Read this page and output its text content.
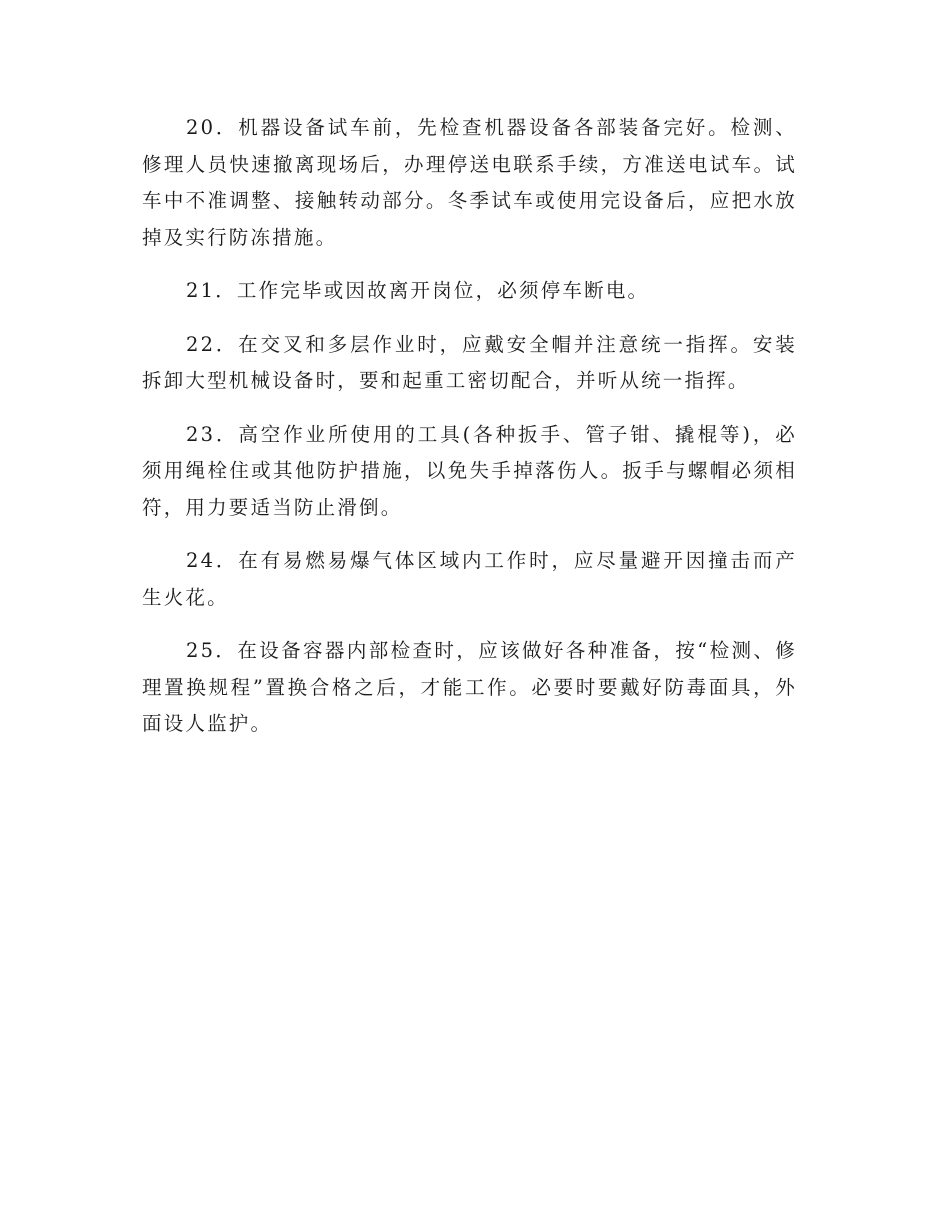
20．机器设备试车前，先检查机器设备各部装备完好。检测、修理人员快速撤离现场后，办理停送电联系手续，方准送电试车。试车中不准调整、接触转动部分。冬季试车或使用完设备后，应把水放掉及实行防冻措施。

21．工作完毕或因故离开岗位，必须停车断电。

22．在交叉和多层作业时，应戴安全帽并注意统一指挥。安装拆卸大型机械设备时，要和起重工密切配合，并听从统一指挥。

23．高空作业所使用的工具(各种扳手、管子钳、撬棍等)，必须用绳栓住或其他防护措施，以免失手掉落伤人。扳手与螺帽必须相符，用力要适当防止滑倒。

24．在有易燃易爆气体区域内工作时，应尽量避开因撞击而产生火花。

25．在设备容器内部检查时，应该做好各种准备，按“检测、修理置换规程”置换合格之后，才能工作。必要时要戴好防毒面具，外面设人监护。
